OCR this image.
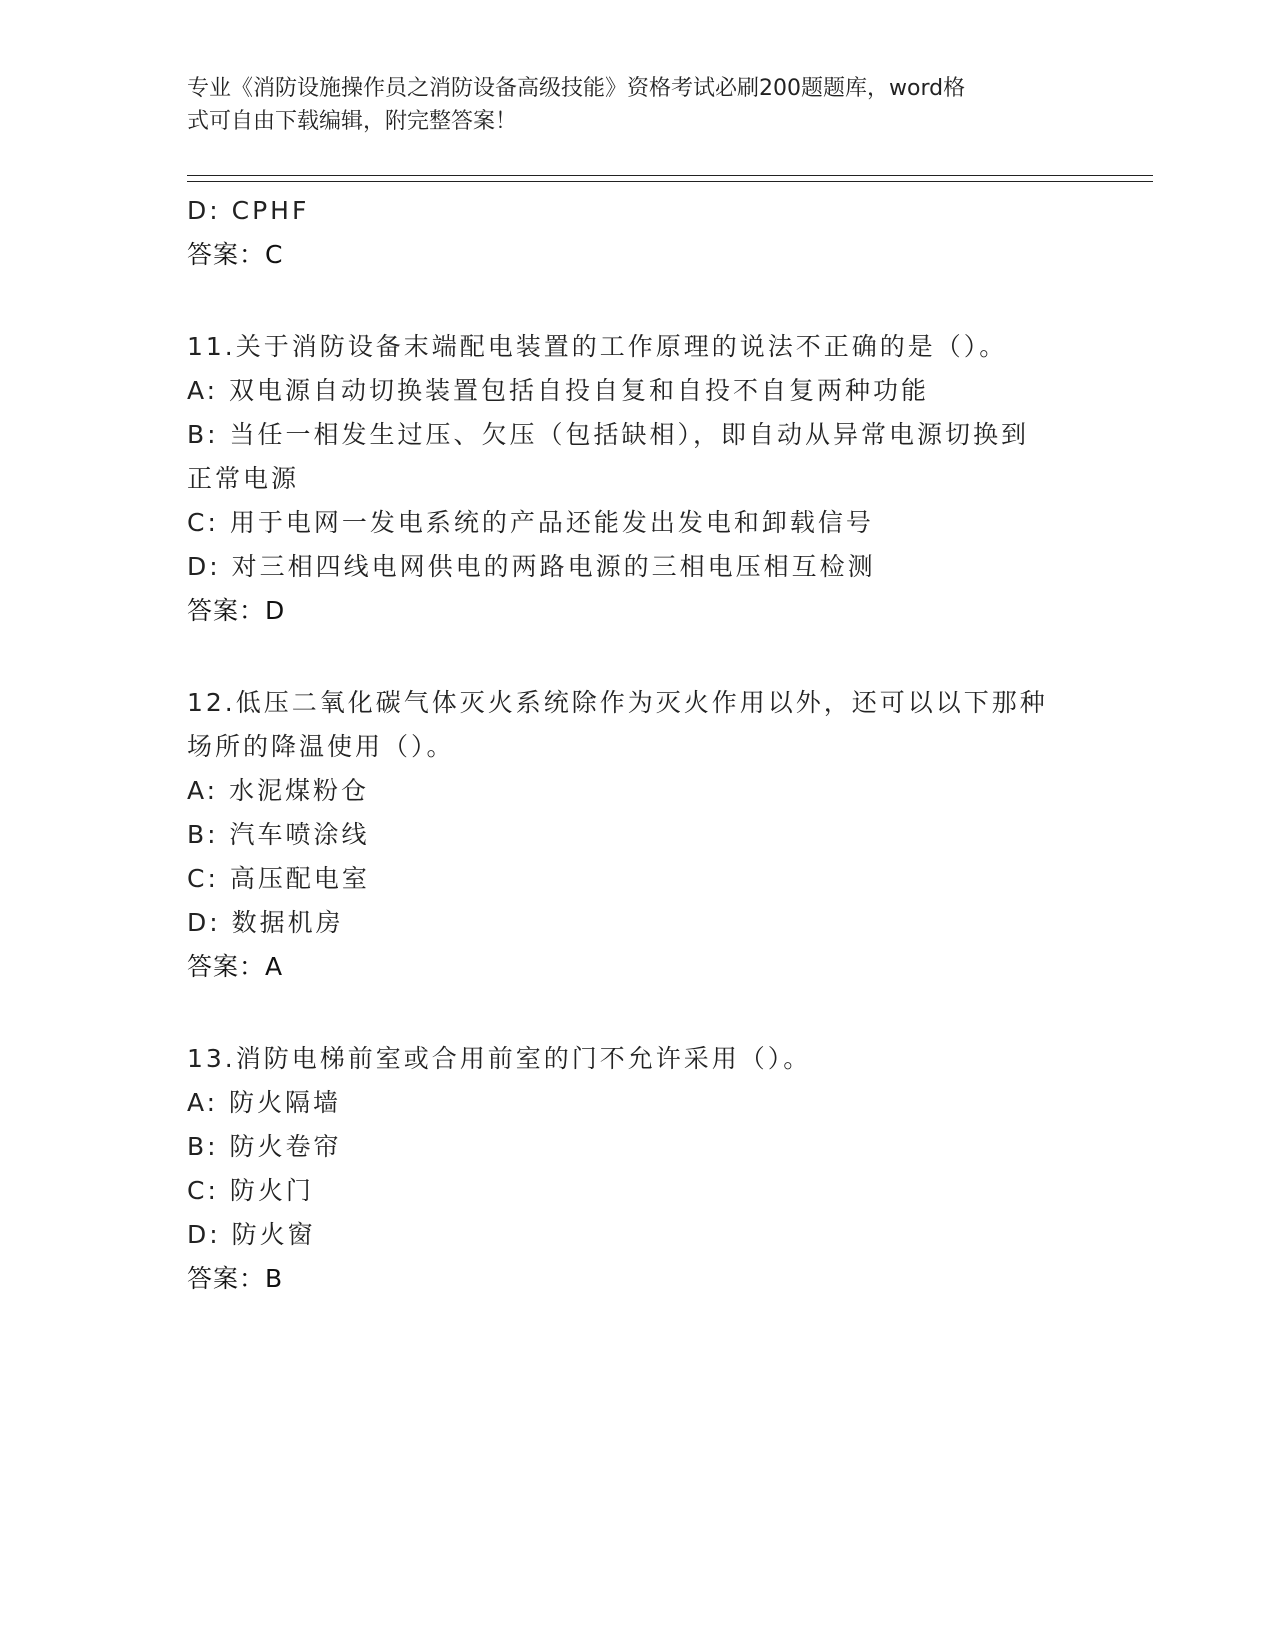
专业《消防设施操作员之消防设备高级技能》资格考试必刷200题题库，word格
式可自由下载编辑，附完整答案！
D: CPHF
答案：C
11.关于消防设备末端配电装置的工作原理的说法不正确的是（）。
A: 双电源自动切换装置包括自投自复和自投不自复两种功能
B: 当任一相发生过压、欠压（包括缺相），即自动从异常电源切换到
正常电源
C: 用于电网一发电系统的产品还能发出发电和卸载信号
D: 对三相四线电网供电的两路电源的三相电压相互检测
答案：D
12.低压二氧化碳气体灭火系统除作为灭火作用以外，还可以以下那种
场所的降温使用（）。
A: 水泥煤粉仓
B: 汽车喷涂线
C: 高压配电室
D: 数据机房
答案：A
13.消防电梯前室或合用前室的门不允许采用（）。
A: 防火隔墙
B: 防火卷帘
C: 防火门
D: 防火窗
答案：B
